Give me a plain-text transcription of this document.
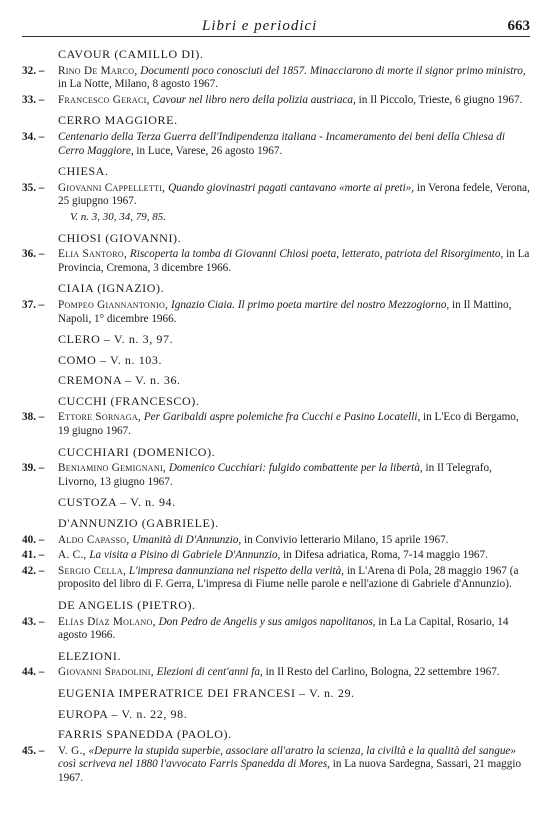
Libri e periodici	663
CAVOUR (CAMILLO DI).
32. – Rino De Marco, Documenti poco conosciuti del 1857. Minacciarono di morte il signor primo ministro, in La Notte, Milano, 8 agosto 1967.
33. – Francesco Geraci, Cavour nel libro nero della polizia austriaca, in Il Piccolo, Trieste, 6 giugno 1967.
CERRO MAGGIORE.
34. – Centenario della Terza Guerra dell'Indipendenza italiana - Incameramento dei beni della Chiesa di Cerro Maggiore, in Luce, Varese, 26 agosto 1967.
CHIESA.
35. – Giovanni Cappelletti, Quando giovinastri pagati cantavano «morte ai preti», in Verona fedele, Verona, 25 giupgno 1967.
V. n. 3, 30, 34, 79, 85.
CHIOSI (GIOVANNI).
36. – Elia Santoro, Riscoperta la tomba di Giovanni Chiosi poeta, letterato, patriota del Risorgimento, in La Provincia, Cremona, 3 dicembre 1966.
CIAIA (IGNAZIO).
37. – Pompeo Giannantonio, Ignazio Ciaia. Il primo poeta martire del nostro Mezzogiorno, in Il Mattino, Napoli, 1° dicembre 1966.
CLERO – V. n. 3, 97.
COMO – V. n. 103.
CREMONA – V. n. 36.
CUCCHI (FRANCESCO).
38. – Ettore Sornaga, Per Garibaldi aspre polemiche fra Cucchi e Pasino Locatelli, in L'Eco di Bergamo, 19 giugno 1967.
CUCCHIARI (DOMENICO).
39. – Beniamino Gemignani, Domenico Cucchiari: fulgido combattente per la libertà, in Il Telegrafo, Livorno, 13 giugno 1967.
CUSTOZA – V. n. 94.
D'ANNUNZIO (GABRIELE).
40. – Aldo Capasso, Umanità di D'Annunzio, in Convivio letterario Milano, 15 aprile 1967.
41. – A. C., La visita a Pisino di Gabriele D'Annunzio, in Difesa adriatica, Roma, 7-14 maggio 1967.
42. – Sergio Cella, L'impresa dannunziana nel rispetto della verità, in L'Arena di Pola, 28 maggio 1967 (a proposito del libro di F. Gerra, L'impresa di Fiume nelle parole e nell'azione di Gabriele d'Annunzio).
DE ANGELIS (PIETRO).
43. – Elías Díaz Molano, Don Pedro de Angelis y sus amigos napolitanos, in La La Capital, Rosario, 14 agosto 1966.
ELEZIONI.
44. – Giovanni Spadolini, Elezioni di cent'anni fa, in Il Resto del Carlino, Bologna, 22 settembre 1967.
EUGENIA IMPERATRICE DEI FRANCESI – V. n. 29.
EUROPA – V. n. 22, 98.
FARRIS SPANEDDA (PAOLO).
45. – V. G., «Depurre la stupida superbie, associare all'aratro la scienza, la civiltà e la qualità del sangue» così scriveva nel 1880 l'avvocato Farris Spanedda di Mores, in La nuova Sardegna, Sassari, 21 maggio 1967.
